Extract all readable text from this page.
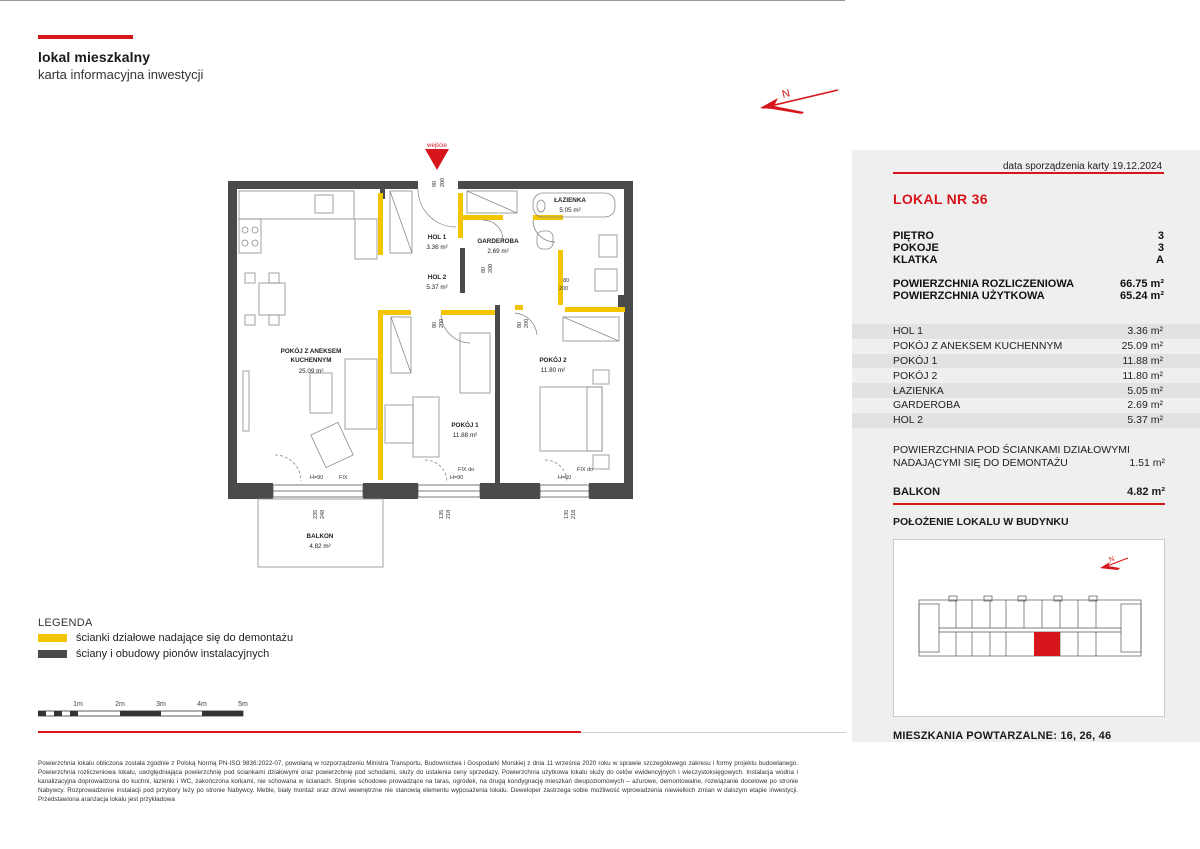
lokal mieszkalny
karta informacyjna inwestycji
N
wejście
ŁAZIENKA
5.05 m²
HOL 1
3.36 m²
GARDEROBA
2.69 m²
HOL 2
5.37 m²
POKÓJ Z ANEKSEM
KUCHENNYM
25.09 m²
POKÓJ 1
11.88 m²
POKÓJ 2
11.80 m²
BALKON
4.82 m²
90 200
80 200
80
200
80 200	80 200
235 248	135 218	135 218
FIX
H=90
FIX do
H=90
FIX do
H=60
LEGENDA
ścianki działowe nadające się do demontażu
ściany i obudowy pionów instalacyjnych
1m	2m	3m	4m	5m
Powierzchnia lokalu obliczona została zgodnie z Polską Normą PN-ISO 9836:2022-07, powołaną w rozporządzeniu Ministra Transportu, Budownictwa i Gospodarki Morskiej z dnia 11 września 2020 roku w sprawie szczegółowego zakresu i formy projektu budowlanego. Powierzchnia rozliczeniowa lokalu, uwzględniająca powierzchnię pod ściankami działowymi oraz powierzchnię pod schodami, służy do ustalenia ceny sprzedaży. Powierzchnia użytkowa lokalu służy do celów ewidencyjnych i wieczystoksięgowych. Instalacja wodna i kanalizacyjna doprowadzona do kuchni, łazienki i WC, zakończona korkami, nie schowana w ścianach. Stopnie schodowe prowadzące na taras, ogródek, na drugą kondygnację mieszkań dwupoziomowych – ażurowe, demontowalne, rozwiązanie docelowe po stronie Nabywcy. Rozprowadzenie instalacji pod przybory leży po stronie Nabywcy. Meble, biały montaż oraz drzwi wewnętrzne nie stanowią elementu wyposażenia lokalu. Deweloper zastrzega sobie możliwość wprowadzenia niewielkich zmian w dalszym etapie inwestycji. Przedstawiona aranżacja lokalu jest przykładowa
data sporządzenia karty 19.12.2024
LOKAL NR 36
PIĘTRO	3
POKOJE	3
KLATKA	A
POWIERZCHNIA ROZLICZENIOWA	66.75 m²
POWIERZCHNIA UŻYTKOWA	65.24 m²
HOL 1	3.36 m²
POKÓJ Z ANEKSEM KUCHENNYM	25.09 m²
POKÓJ 1	11.88 m²
POKÓJ 2	11.80 m²
ŁAZIENKA	5.05 m²
GARDEROBA	2.69 m²
HOL 2	5.37 m²
POWIERZCHNIA POD ŚCIANKAMI DZIAŁOWYMI
NADAJĄCYMI SIĘ DO DEMONTAŻU	1.51 m²
BALKON	4.82 m²
POŁOŻENIE LOKALU W BUDYNKU
N
MIESZKANIA POWTARZALNE: 16, 26, 46
